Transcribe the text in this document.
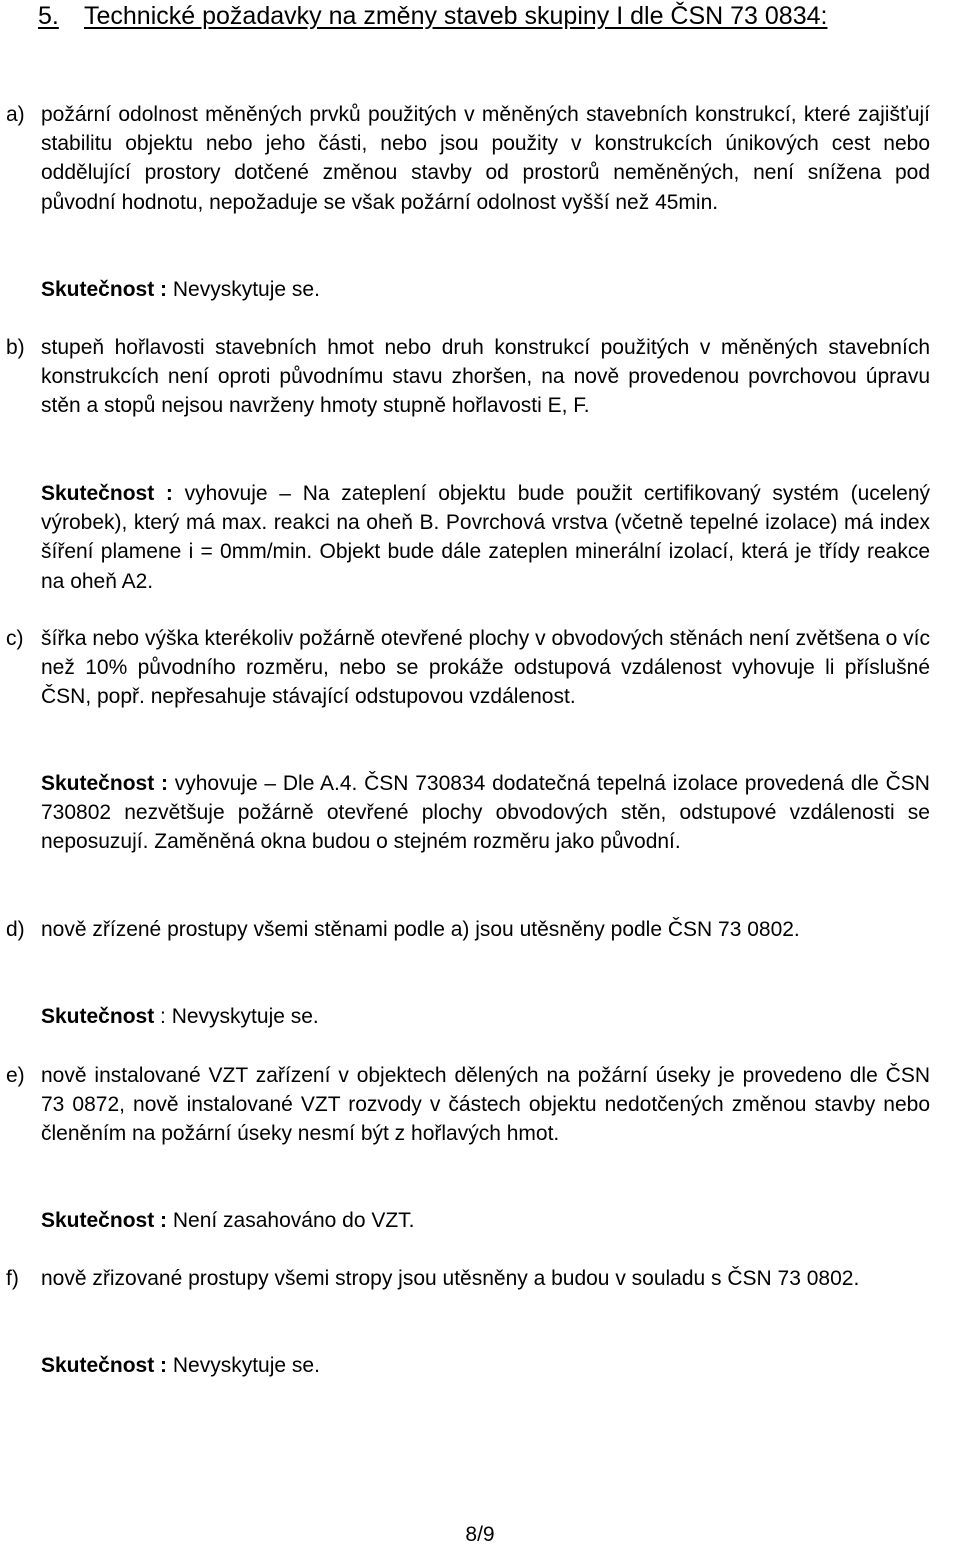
5.	Technické požadavky na změny staveb skupiny I dle ČSN 73 0834:
a) požární odolnost měněných prvků použitých v měněných stavebních konstrukcí, které zajišťují stabilitu objektu nebo jeho části, nebo jsou použity v konstrukcích únikových cest nebo oddělující prostory dotčené změnou stavby od prostorů neměněných, není snížena pod původní hodnotu, nepožaduje se však požární odolnost vyšší než 45min.
Skutečnost : Nevyskytuje se.
b) stupeň hořlavosti stavebních hmot nebo druh konstrukcí použitých v měněných stavebních konstrukcích není oproti původnímu stavu zhoršen, na nově provedenou povrchovou úpravu stěn a stopů nejsou navrženy hmoty stupně hořlavosti E, F.
Skutečnost : vyhovuje – Na zateplení objektu bude použit certifikovaný systém (ucelený výrobek), který má max. reakci na oheň B. Povrchová vrstva (včetně tepelné izolace) má index šíření plamene i = 0mm/min. Objekt bude dále zateplen minerální izolací, která je třídy reakce na oheň A2.
c) šířka nebo výška kterékoliv požárně otevřené plochy v obvodových stěnách není zvětšena o víc než 10% původního rozměru, nebo se prokáže odstupová vzdálenost vyhovuje li příslušné ČSN, popř. nepřesahuje stávající odstupovou vzdálenost.
Skutečnost : vyhovuje – Dle A.4. ČSN 730834 dodatečná tepelná izolace provedená dle ČSN 730802 nezvětšuje požárně otevřené plochy obvodových stěn, odstupové vzdálenosti se neposuzují. Zaměněná okna budou o stejném rozměru jako původní.
d) nově zřízené prostupy všemi stěnami podle a) jsou utěsněny podle ČSN 73 0802.
Skutečnost : Nevyskytuje se.
e) nově instalované VZT zařízení v objektech dělených na požární úseky je provedeno dle ČSN 73 0872, nově instalované VZT rozvody v částech objektu nedotčených změnou stavby nebo členěním na požární úseky nesmí být z hořlavých hmot.
Skutečnost : Není zasahováno do VZT.
f) nově zřizované prostupy všemi stropy jsou utěsněny a budou v souladu s ČSN 73 0802.
Skutečnost : Nevyskytuje se.
8/9
